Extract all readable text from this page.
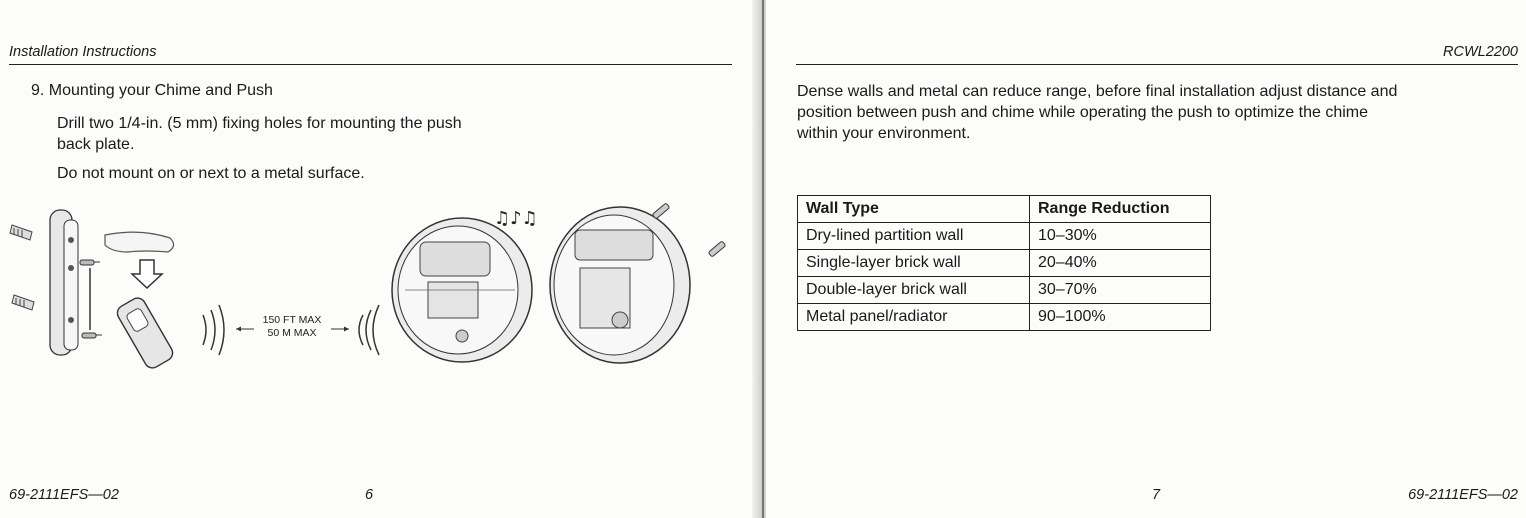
Installation Instructions
9. Mounting your Chime and Push
Drill two 1/4-in. (5 mm) fixing holes for mounting the push
back plate.
Do not mount on or next to a metal surface.
150 FT MAX
50 M MAX
♫♪♫
69-2111EFS—02	6
RCWL2200
Dense walls and metal can reduce range, before final installation adjust distance and
position between push and chime while operating the push to optimize the chime
within your environment.
7	69-2111EFS—02
Wall Type	Range Reduction
Dry-lined partition wall	10–30%
Single-layer brick wall	20–40%
Double-layer brick wall	30–70%
Metal panel/radiator	90–100%
